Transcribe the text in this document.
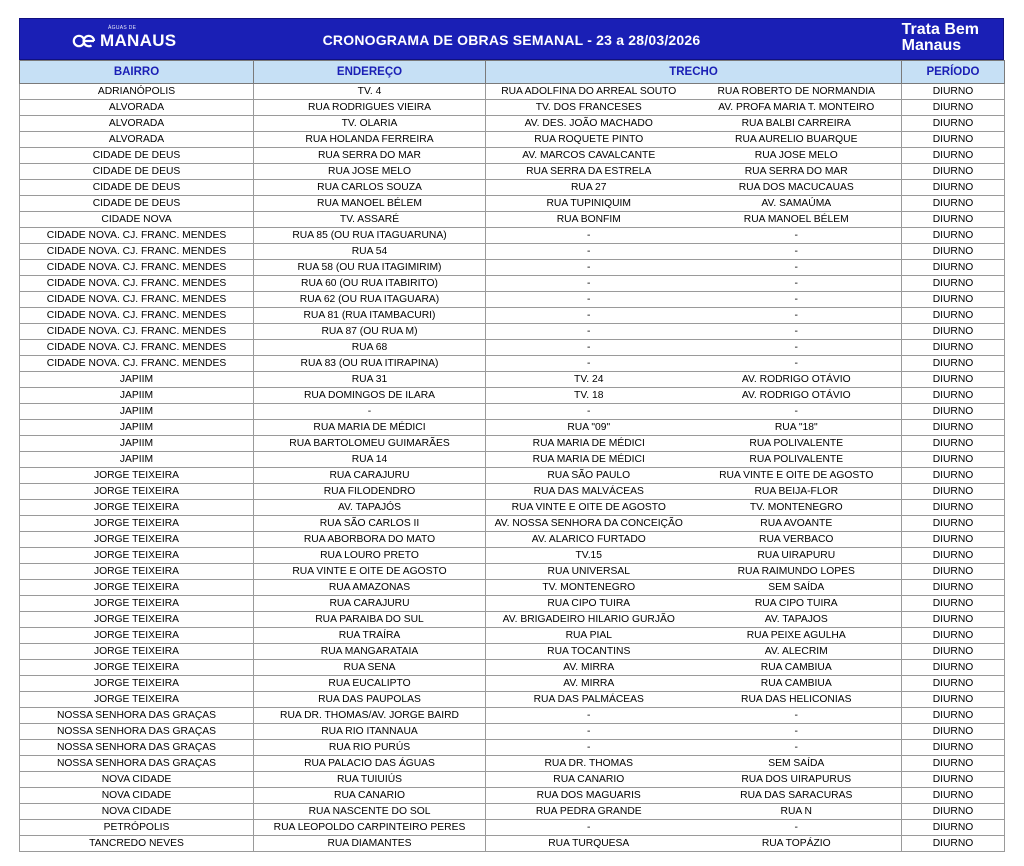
MANAUS
ÁGUAS DE
CRONOGRAMA DE OBRAS SEMANAL - 23 a 28/03/2026
Trata Bem
Manaus
BAIRRO	ENDEREÇO	TRECHO		PERÍODO
ADRIANÓPOLIS	TV. 4	RUA ADOLFINA DO ARREAL SOUTO	RUA ROBERTO DE NORMANDIA	DIURNO
ALVORADA	RUA RODRIGUES VIEIRA	TV. DOS FRANCESES	AV. PROFA MARIA T. MONTEIRO	DIURNO
ALVORADA	TV. OLARIA	AV. DES. JOÃO MACHADO	RUA BALBI CARREIRA	DIURNO
ALVORADA	RUA HOLANDA FERREIRA	RUA ROQUETE PINTO	RUA AURELIO BUARQUE	DIURNO
CIDADE DE DEUS	RUA SERRA DO MAR	AV. MARCOS CAVALCANTE	RUA JOSE MELO	DIURNO
CIDADE DE DEUS	RUA JOSE MELO	RUA SERRA DA ESTRELA	RUA SERRA DO MAR	DIURNO
CIDADE DE DEUS	RUA CARLOS SOUZA	RUA 27	RUA DOS MACUCAUAS	DIURNO
CIDADE DE DEUS	RUA MANOEL BÉLEM	RUA TUPINIQUIM	AV. SAMAÚMA	DIURNO
CIDADE NOVA	TV. ASSARÉ	RUA BONFIM	RUA MANOEL BÉLEM	DIURNO
CIDADE NOVA. CJ. FRANC. MENDES	RUA 85 (OU RUA ITAGUARUNA)	-	-	DIURNO
CIDADE NOVA. CJ. FRANC. MENDES	RUA 54	-	-	DIURNO
CIDADE NOVA. CJ. FRANC. MENDES	RUA 58 (OU RUA ITAGIMIRIM)	-	-	DIURNO
CIDADE NOVA. CJ. FRANC. MENDES	RUA 60 (OU RUA ITABIRITO)	-	-	DIURNO
CIDADE NOVA. CJ. FRANC. MENDES	RUA 62 (OU RUA ITAGUARA)	-	-	DIURNO
CIDADE NOVA. CJ. FRANC. MENDES	RUA 81 (RUA ITAMBACURI)	-	-	DIURNO
CIDADE NOVA. CJ. FRANC. MENDES	RUA 87 (OU RUA M)	-	-	DIURNO
CIDADE NOVA. CJ. FRANC. MENDES	RUA 68	-	-	DIURNO
CIDADE NOVA. CJ. FRANC. MENDES	RUA 83 (OU RUA ITIRAPINA)	-	-	DIURNO
JAPIIM	RUA 31	TV. 24	AV. RODRIGO OTÁVIO	DIURNO
JAPIIM	RUA DOMINGOS DE ILARA	TV. 18	AV. RODRIGO OTÁVIO	DIURNO
JAPIIM	-	-	-	DIURNO
JAPIIM	RUA MARIA DE MÉDICI	RUA "09"	RUA "18"	DIURNO
JAPIIM	RUA BARTOLOMEU GUIMARÃES	RUA MARIA DE MÉDICI	RUA POLIVALENTE	DIURNO
JAPIIM	RUA 14	RUA MARIA DE MÉDICI	RUA POLIVALENTE	DIURNO
JORGE TEIXEIRA	RUA CARAJURU	RUA SÃO PAULO	RUA VINTE E OITE DE AGOSTO	DIURNO
JORGE TEIXEIRA	RUA FILODENDRO	RUA DAS MALVÁCEAS	RUA BEIJA-FLOR	DIURNO
JORGE TEIXEIRA	AV. TAPAJÓS	RUA VINTE E OITE DE AGOSTO	TV. MONTENEGRO	DIURNO
JORGE TEIXEIRA	RUA SÃO CARLOS II	AV. NOSSA SENHORA DA CONCEIÇÃO	RUA AVOANTE	DIURNO
JORGE TEIXEIRA	RUA ABORBORA DO MATO	AV. ALARICO FURTADO	RUA VERBACO	DIURNO
JORGE TEIXEIRA	RUA LOURO PRETO	TV.15	RUA UIRAPURU	DIURNO
JORGE TEIXEIRA	RUA VINTE E OITE DE AGOSTO	RUA UNIVERSAL	RUA RAIMUNDO LOPES	DIURNO
JORGE TEIXEIRA	RUA AMAZONAS	TV. MONTENEGRO	SEM SAÍDA	DIURNO
JORGE TEIXEIRA	RUA CARAJURU	RUA CIPO TUIRA	RUA CIPO TUIRA	DIURNO
JORGE TEIXEIRA	RUA PARAIBA DO SUL	AV. BRIGADEIRO HILARIO GURJÃO	AV. TAPAJOS	DIURNO
JORGE TEIXEIRA	RUA TRAÍRA	RUA PIAL	RUA PEIXE AGULHA	DIURNO
JORGE TEIXEIRA	RUA MANGARATAIA	RUA TOCANTINS	AV. ALECRIM	DIURNO
JORGE TEIXEIRA	RUA SENA	AV. MIRRA	RUA CAMBIUA	DIURNO
JORGE TEIXEIRA	RUA EUCALIPTO	AV. MIRRA	RUA CAMBIUA	DIURNO
JORGE TEIXEIRA	RUA DAS PAUPOLAS	RUA DAS PALMÁCEAS	RUA DAS HELICONIAS	DIURNO
NOSSA SENHORA DAS GRAÇAS	RUA DR. THOMAS/AV. JORGE BAIRD	-	-	DIURNO
NOSSA SENHORA DAS GRAÇAS	RUA RIO ITANNAUA	-	-	DIURNO
NOSSA SENHORA DAS GRAÇAS	RUA RIO PURÚS	-	-	DIURNO
NOSSA SENHORA DAS GRAÇAS	RUA PALACIO DAS ÁGUAS	RUA DR. THOMAS	SEM SAÍDA	DIURNO
NOVA CIDADE	RUA TUIUIÚS	RUA CANARIO	RUA DOS UIRAPURUS	DIURNO
NOVA CIDADE	RUA CANARIO	RUA DOS MAGUARIS	RUA DAS SARACURAS	DIURNO
NOVA CIDADE	RUA NASCENTE DO SOL	RUA PEDRA GRANDE	RUA N	DIURNO
PETRÓPOLIS	RUA LEOPOLDO CARPINTEIRO PERES	-	-	DIURNO
TANCREDO NEVES	RUA DIAMANTES	RUA TURQUESA	RUA TOPÁZIO	DIURNO
